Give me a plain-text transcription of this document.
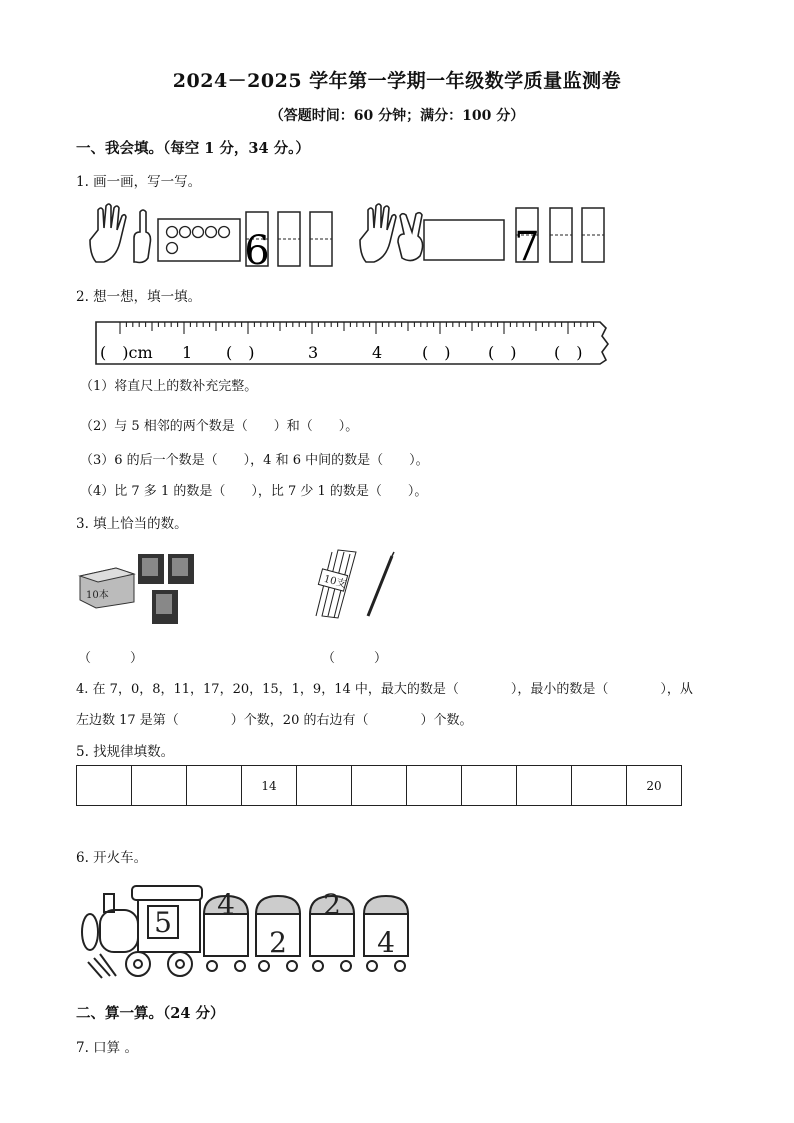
2024－2025 学年第一学期一年级数学质量监测卷
（答题时间：60 分钟；满分：100 分）
一、我会填。（每空 1 分，34 分。）
1. 画一画，写一写。
6	7
2. 想一想，填一填。
(　)cm 1 (　)	3	4 (　) (　) (　)
（1）将直尺上的数补充完整。
（2）与 5 相邻的两个数是（　　）和（　　）。
（3）6 的后一个数是（　　），4 和 6 中间的数是（　　）。
（4）比 7 多 1 的数是（　　），比 7 少 1 的数是（　　）。
3. 填上恰当的数。
10本
10支
（　　　）	（　　　）
4. 在 7，0，8，11，17，20，15，1，9，14 中，最大的数是（　　　　），最小的数是（　　　　），从
左边数 17 是第（　　　　）个数，20 的右边有（　　　　）个数。
5. 找规律填数。
			14							20
6. 开火车。
5
4
2
2
4
二、算一算。（24 分）
7. 口算 。
